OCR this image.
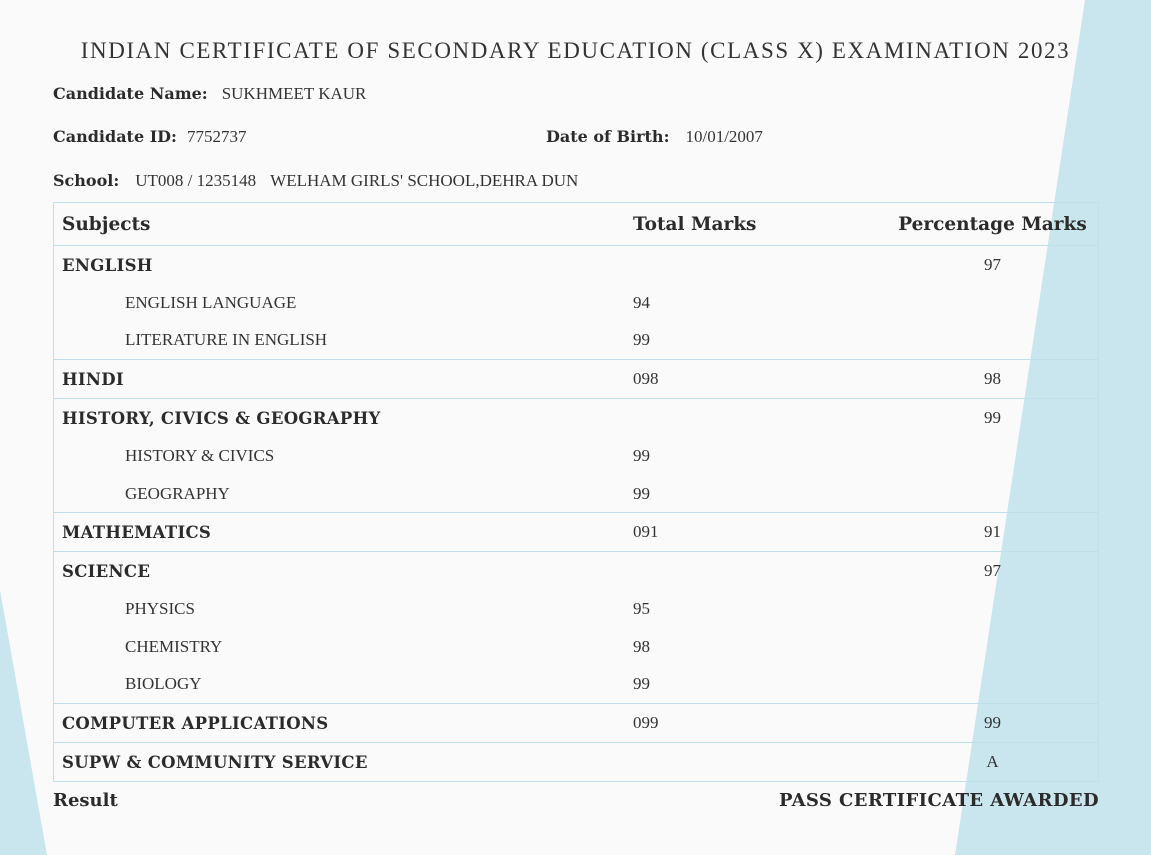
INDIAN CERTIFICATE OF SECONDARY EDUCATION (CLASS X) EXAMINATION 2023
Candidate Name: SUKHMEET KAUR
Candidate ID: 7752737	Date of Birth: 10/01/2007
School: UT008 / 1235148 WELHAM GIRLS' SCHOOL,DEHRA DUN
Subjects	Total Marks	Percentage Marks
ENGLISH		97
ENGLISH LANGUAGE	94	
LITERATURE IN ENGLISH	99	
HINDI	098	98
HISTORY, CIVICS & GEOGRAPHY		99
HISTORY & CIVICS	99	
GEOGRAPHY	99	
MATHEMATICS	091	91
SCIENCE		97
PHYSICS	95	
CHEMISTRY	98	
BIOLOGY	99	
COMPUTER APPLICATIONS	099	99
SUPW & COMMUNITY SERVICE		A
Result	PASS CERTIFICATE AWARDED
